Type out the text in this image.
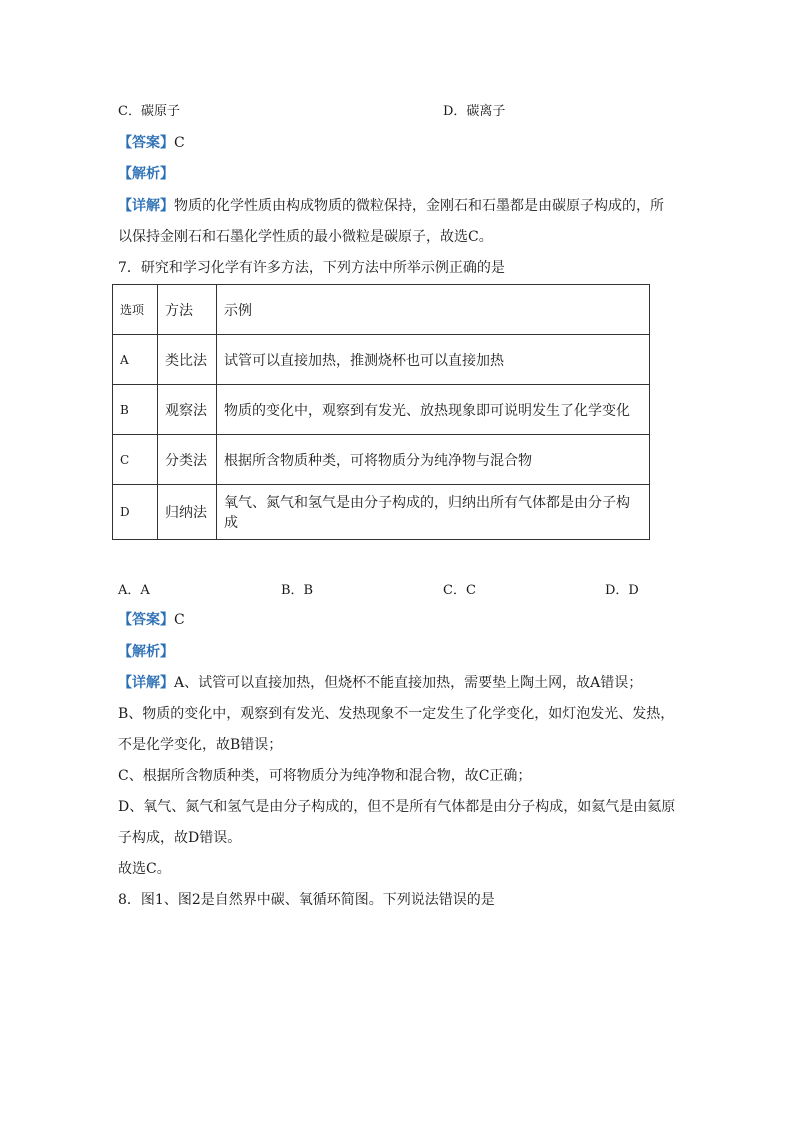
C．碳原子	D．碳离子
【答案】C
【解析】
【详解】物质的化学性质由构成物质的微粒保持，金刚石和石墨都是由碳原子构成的，所
以保持金刚石和石墨化学性质的最小微粒是碳原子，故选C。
7．研究和学习化学有许多方法，下列方法中所举示例正确的是
选项	方法	示例
A	类比法	试管可以直接加热，推测烧杯也可以直接加热
B	观察法	物质的变化中，观察到有发光、放热现象即可说明发生了化学变化
C	分类法	根据所含物质种类，可将物质分为纯净物与混合物
D	归纳法	氧气、氮气和氢气是由分子构成的，归纳出所有气体都是由分子构成
A．A	B．B	C．C	D．D
【答案】C
【解析】
【详解】A、试管可以直接加热，但烧杯不能直接加热，需要垫上陶土网，故A错误；
B、物质的变化中，观察到有发光、发热现象不一定发生了化学变化，如灯泡发光、发热，
不是化学变化，故B错误；
C、根据所含物质种类，可将物质分为纯净物和混合物，故C正确；
D、氧气、氮气和氢气是由分子构成的，但不是所有气体都是由分子构成，如氦气是由氦原
子构成，故D错误。
故选C。
8．图1、图2是自然界中碳、氧循环简图。下列说法错误的是
